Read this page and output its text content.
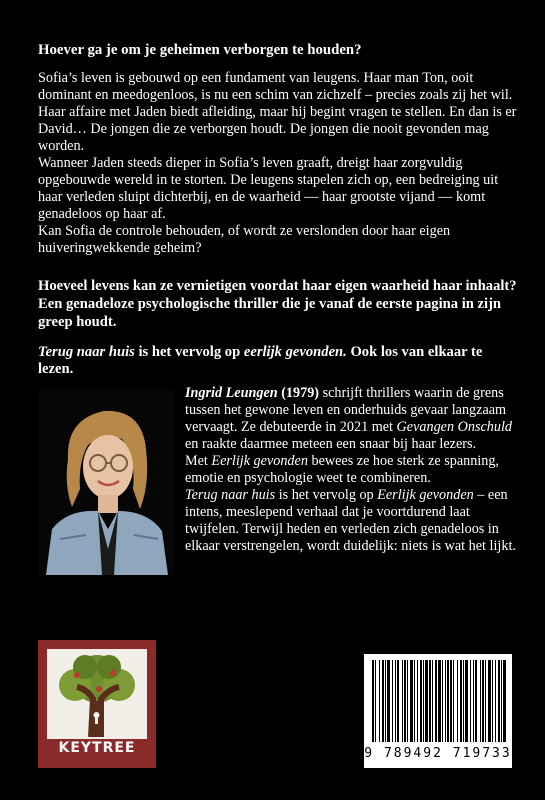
Hoever ga je om je geheimen verborgen te houden?

Sofia’s leven is gebouwd op een fundament van leugens. Haar man Ton, ooit dominant en meedogenloos, is nu een schim van zichzelf – precies zoals zij het wil. Haar affaire met Jaden biedt afleiding, maar hij begint vragen te stellen. En dan is er David… De jongen die ze verborgen houdt. De jongen die nooit gevonden mag worden.
Wanneer Jaden steeds dieper in Sofia’s leven graaft, dreigt haar zorgvuldig opgebouwde wereld in te storten. De leugens stapelen zich op, een bedreiging uit haar verleden sluipt dichterbij, en de waarheid — haar grootste vijand — komt genadeloos op haar af.
Kan Sofia de controle behouden, of wordt ze verslonden door haar eigen huiveringwekkende geheim?

Hoeveel levens kan ze vernietigen voordat haar eigen waarheid haar inhaalt? Een genadeloze psychologische thriller die je vanaf de eerste pagina in zijn greep houdt.

Terug naar huis is het vervolg op eerlijk gevonden. Ook los van elkaar te lezen.

Ingrid Leungen (1979) schrijft thrillers waarin de grens tussen het gewone leven en onderhuids gevaar langzaam vervaagt. Ze debuteerde in 2021 met Gevangen Onschuld en raakte daarmee meteen een snaar bij haar lezers.

Met Eerlijk gevonden bewees ze hoe sterk ze spanning, emotie en psychologie weet te combineren.

Terug naar huis is het vervolg op Eerlijk gevonden – een intens, meeslepend verhaal dat je voortdurend laat twijfelen. Terwijl heden en verleden zich genadeloos in elkaar verstrengelen, wordt duidelijk: niets is wat het lijkt.

KEYTREE	9 789492 719733
